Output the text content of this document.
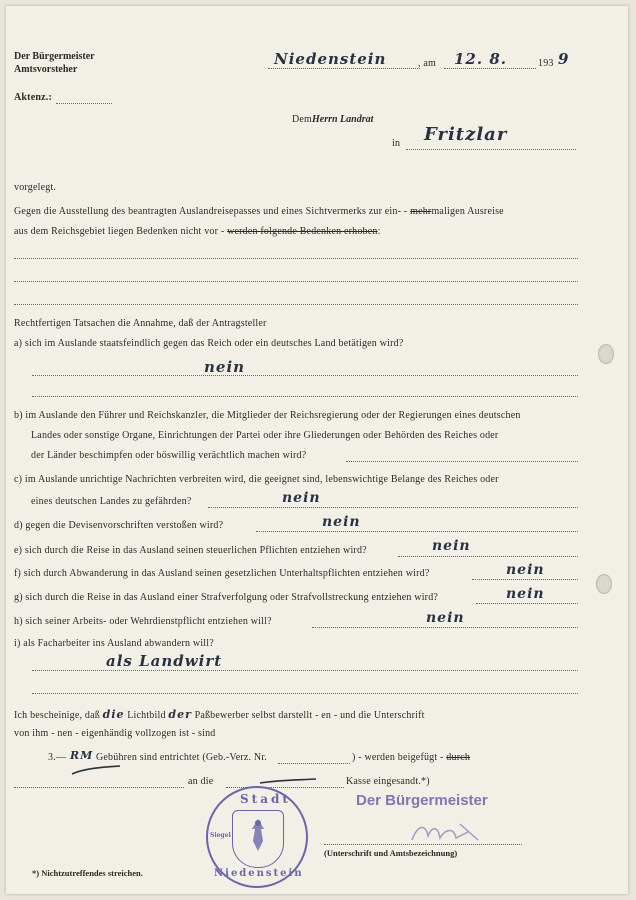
Der Bürgermeister
Amtsvorsteher
Niedenstein	, am 12. 8.	193 9
Aktenz.:
Dem Herrn Landrat
in Fritzlar
vorgelegt.
Gegen die Ausstellung des beantragten Auslandreisepasses und eines Sichtvermerks zur ein- - mehrmaligen Ausreise
aus dem Reichsgebiet liegen Bedenken nicht vor - werden folgende Bedenken erhoben:
Rechtfertigen Tatsachen die Annahme, daß der Antragsteller
a) sich im Auslande staatsfeindlich gegen das Reich oder ein deutsches Land betätigen wird?
nein
b) im Auslande den Führer und Reichskanzler, die Mitglieder der Reichsregierung oder der Regierungen eines deutschen
Landes oder sonstige Organe, Einrichtungen der Partei oder ihre Gliederungen oder Behörden des Reiches oder
der Länder beschimpfen oder böswillig verächtlich machen wird?
c) im Auslande unrichtige Nachrichten verbreiten wird, die geeignet sind, lebenswichtige Belange des Reiches oder
eines deutschen Landes zu gefährden?	nein
d) gegen die Devisenvorschriften verstoßen wird?	nein
e) sich durch die Reise in das Ausland seinen steuerlichen Pflichten entziehen wird?	nein
f) sich durch Abwanderung in das Ausland seinen gesetzlichen Unterhaltspflichten entziehen wird?	nein
g) sich durch die Reise in das Ausland einer Strafverfolgung oder Strafvollstreckung entziehen wird?	nein
h) sich seiner Arbeits- oder Wehrdienstpflicht entziehen will?	nein
i) als Facharbeiter ins Ausland abwandern will?
als Landwirt
Ich bescheinige, daß die Lichtbild der Paßbewerber selbst darstellt - en - und die Unterschrift
von ihm - nen - eigenhändig vollzogen ist - sind
3.— RM Gebühren sind entrichtet (Geb.-Verz. Nr.	) - werden beigefügt - durch
an die	Kasse eingesandt.*)
Stadt
Siegel
Niedenstein
Der Bürgermeister
(Unterschrift und Amtsbezeichnung)
*) Nichtzutreffendes streichen.
